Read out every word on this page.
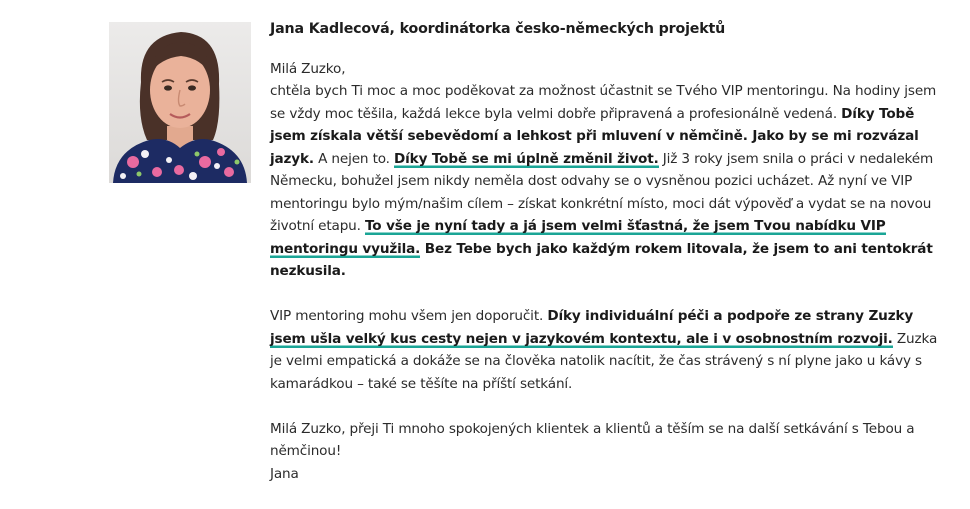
Jana Kadlecová, koordinátorka česko-německých projektů

Milá Zuzko,
chtěla bych Ti moc a moc poděkovat za možnost účastnit se Tvého VIP mentoringu. Na hodiny jsem se vždy moc těšila, každá lekce byla velmi dobře připravená a profesionálně vedená. Díky Tobě jsem získala větší sebevědomí a lehkost při mluvení v němčině. Jako by se mi rozvázal jazyk. A nejen to. Díky Tobě se mi úplně změnil život. Již 3 roky jsem snila o práci v nedalekém Německu, bohužel jsem nikdy neměla dost odvahy se o vysněnou pozici ucházet. Až nyní ve VIP mentoringu bylo mým/našim cílem – získat konkrétní místo, moci dát výpověď a vydat se na novou životní etapu. To vše je nyní tady a já jsem velmi šťastná, že jsem Tvou nabídku VIP mentoringu využila. Bez Tebe bych jako každým rokem litovala, že jsem to ani tentokrát nezkusila.

VIP mentoring mohu všem jen doporučit. Díky individuální péči a podpoře ze strany Zuzky jsem ušla velký kus cesty nejen v jazykovém kontextu, ale i v osobnostním rozvoji. Zuzka je velmi empatická a dokáže se na člověka natolik nacítit, že čas strávený s ní plyne jako u kávy s kamarádkou – také se těšíte na příští setkání.

Milá Zuzko, přeji Ti mnoho spokojených klientek a klientů a těším se na další setkávání s Tebou a němčinou!
Jana
